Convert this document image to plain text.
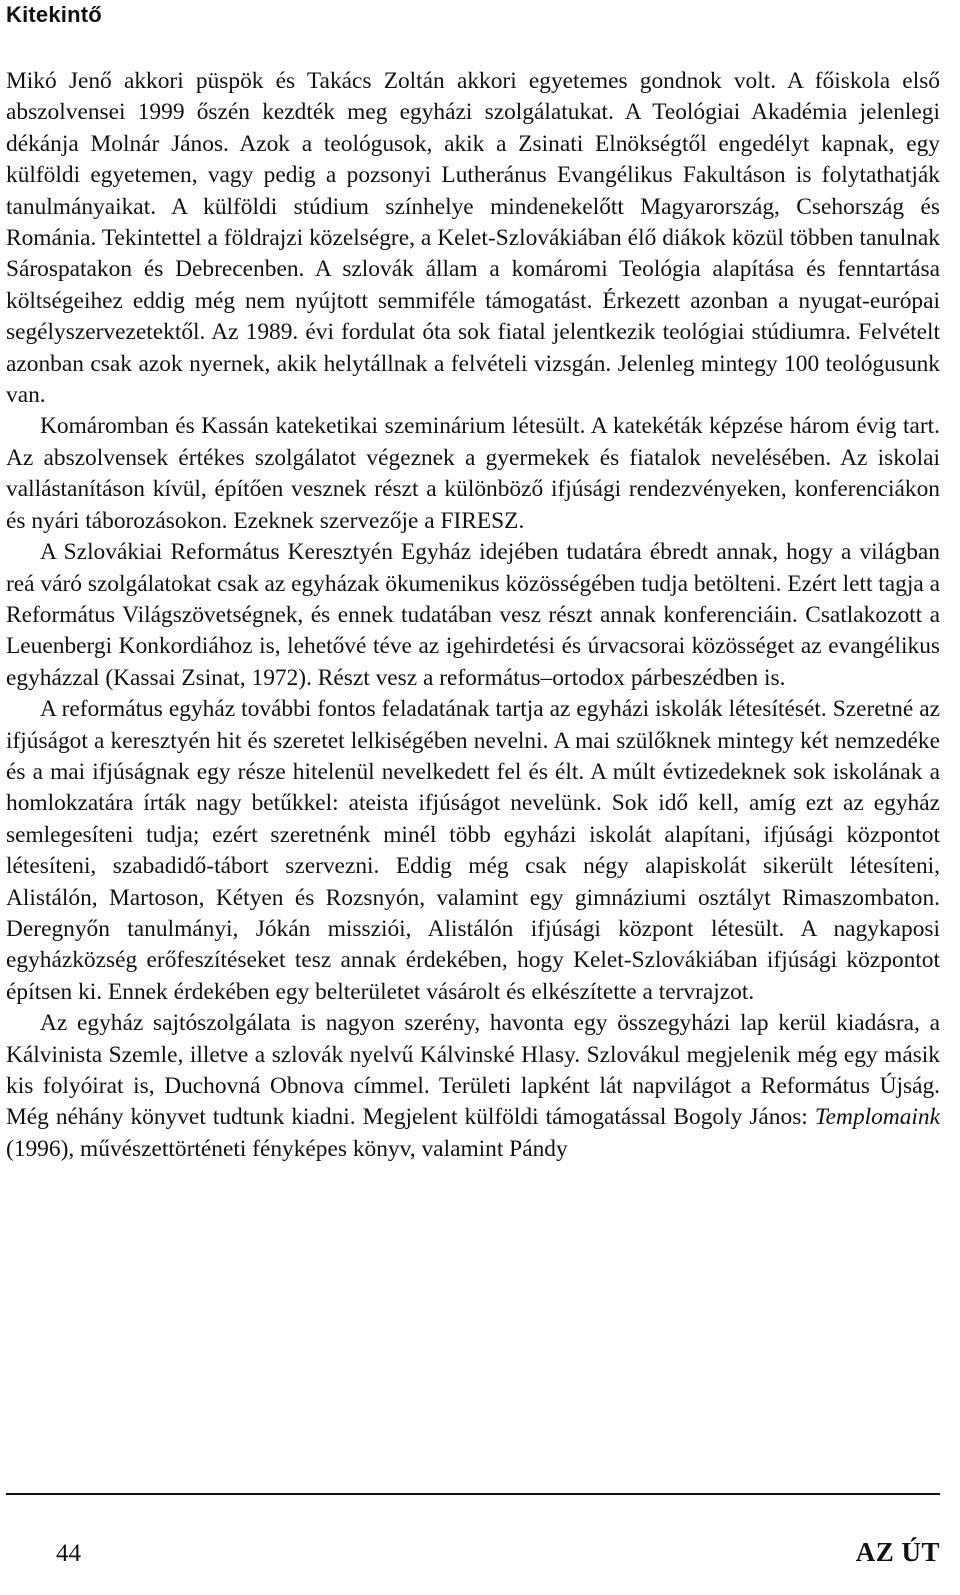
Kitekintő

Mikó Jenő akkori püspök és Takács Zoltán akkori egyetemes gondnok volt. A főiskola első abszolvensei 1999 őszén kezdték meg egyházi szolgálatukat. A Teológiai Akadémia jelenlegi dékánja Molnár János. Azok a teológusok, akik a Zsinati Elnökségtől engedélyt kapnak, egy külföldi egyetemen, vagy pedig a pozsonyi Lutheránus Evangélikus Fakultáson is folytathatják tanulmányaikat. A külföldi stúdium színhelye mindenekelőtt Magyarország, Csehország és Románia. Tekintettel a földrajzi közelségre, a Kelet-Szlovákiában élő diákok közül többen tanulnak Sárospatakon és Debrecenben. A szlovák állam a komáromi Teológia alapítása és fenntartása költségeihez eddig még nem nyújtott semmiféle támogatást. Érkezett azonban a nyugat-európai segélyszervezetektől. Az 1989. évi fordulat óta sok fiatal jelentkezik teológiai stúdiumra. Felvételt azonban csak azok nyernek, akik helytállnak a felvételi vizsgán. Jelenleg mintegy 100 teológusunk van.

Komáromban és Kassán kateketikai szeminárium létesült. A katekéták képzése három évig tart. Az abszolvensek értékes szolgálatot végeznek a gyermekek és fiatalok nevelésében. Az iskolai vallástanításon kívül, építően vesznek részt a különböző ifjúsági rendezvényeken, konferenciákon és nyári táborozásokon. Ezeknek szervezője a FIRESZ.

A Szlovákiai Református Keresztyén Egyház idejében tudatára ébredt annak, hogy a világban reá váró szolgálatokat csak az egyházak ökumenikus közösségében tudja betölteni. Ezért lett tagja a Református Világszövetségnek, és ennek tudatában vesz részt annak konferenciáin. Csatlakozott a Leuenbergi Konkordiához is, lehetővé téve az igehirdetési és úrvacsorai közösséget az evangélikus egyházzal (Kassai Zsinat, 1972). Részt vesz a református–ortodox párbeszédben is.

A református egyház további fontos feladatának tartja az egyházi iskolák létesítését. Szeretné az ifjúságot a keresztyén hit és szeretet lelkiségében nevelni. A mai szülőknek mintegy két nemzedéke és a mai ifjúságnak egy része hitelenül nevelkedett fel és élt. A múlt évtizedeknek sok iskolának a homlokzatára írták nagy betűkkel: ateista ifjúságot nevelünk. Sok idő kell, amíg ezt az egyház semlegesíteni tudja; ezért szeretnénk minél több egyházi iskolát alapítani, ifjúsági központot létesíteni, szabadidő-tábort szervezni. Eddig még csak négy alapiskolát sikerült létesíteni, Alistálón, Martoson, Kétyen és Rozsnyón, valamint egy gimnáziumi osztályt Rimaszombaton. Deregnyőn tanulmányi, Jókán missziói, Alistálón ifjúsági központ létesült. A nagykaposi egyházközség erőfeszítéseket tesz annak érdekében, hogy Kelet-Szlovákiában ifjúsági központot építsen ki. Ennek érdekében egy belterületet vásárolt és elkészítette a tervrajzot.

Az egyház sajtószolgálata is nagyon szerény, havonta egy összegyházi lap kerül kiadásra, a Kálvinista Szemle, illetve a szlovák nyelvű Kálvinské Hlasy. Szlovákul megjelenik még egy másik kis folyóirat is, Duchovná Obnova címmel. Területi lapként lát napvilágot a Református Újság. Még néhány könyvet tudtunk kiadni. Megjelent külföldi támogatással Bogoly János: Templomaink (1996), művészettörténeti fényképes könyv, valamint Pándy

44	AZ ÚT
